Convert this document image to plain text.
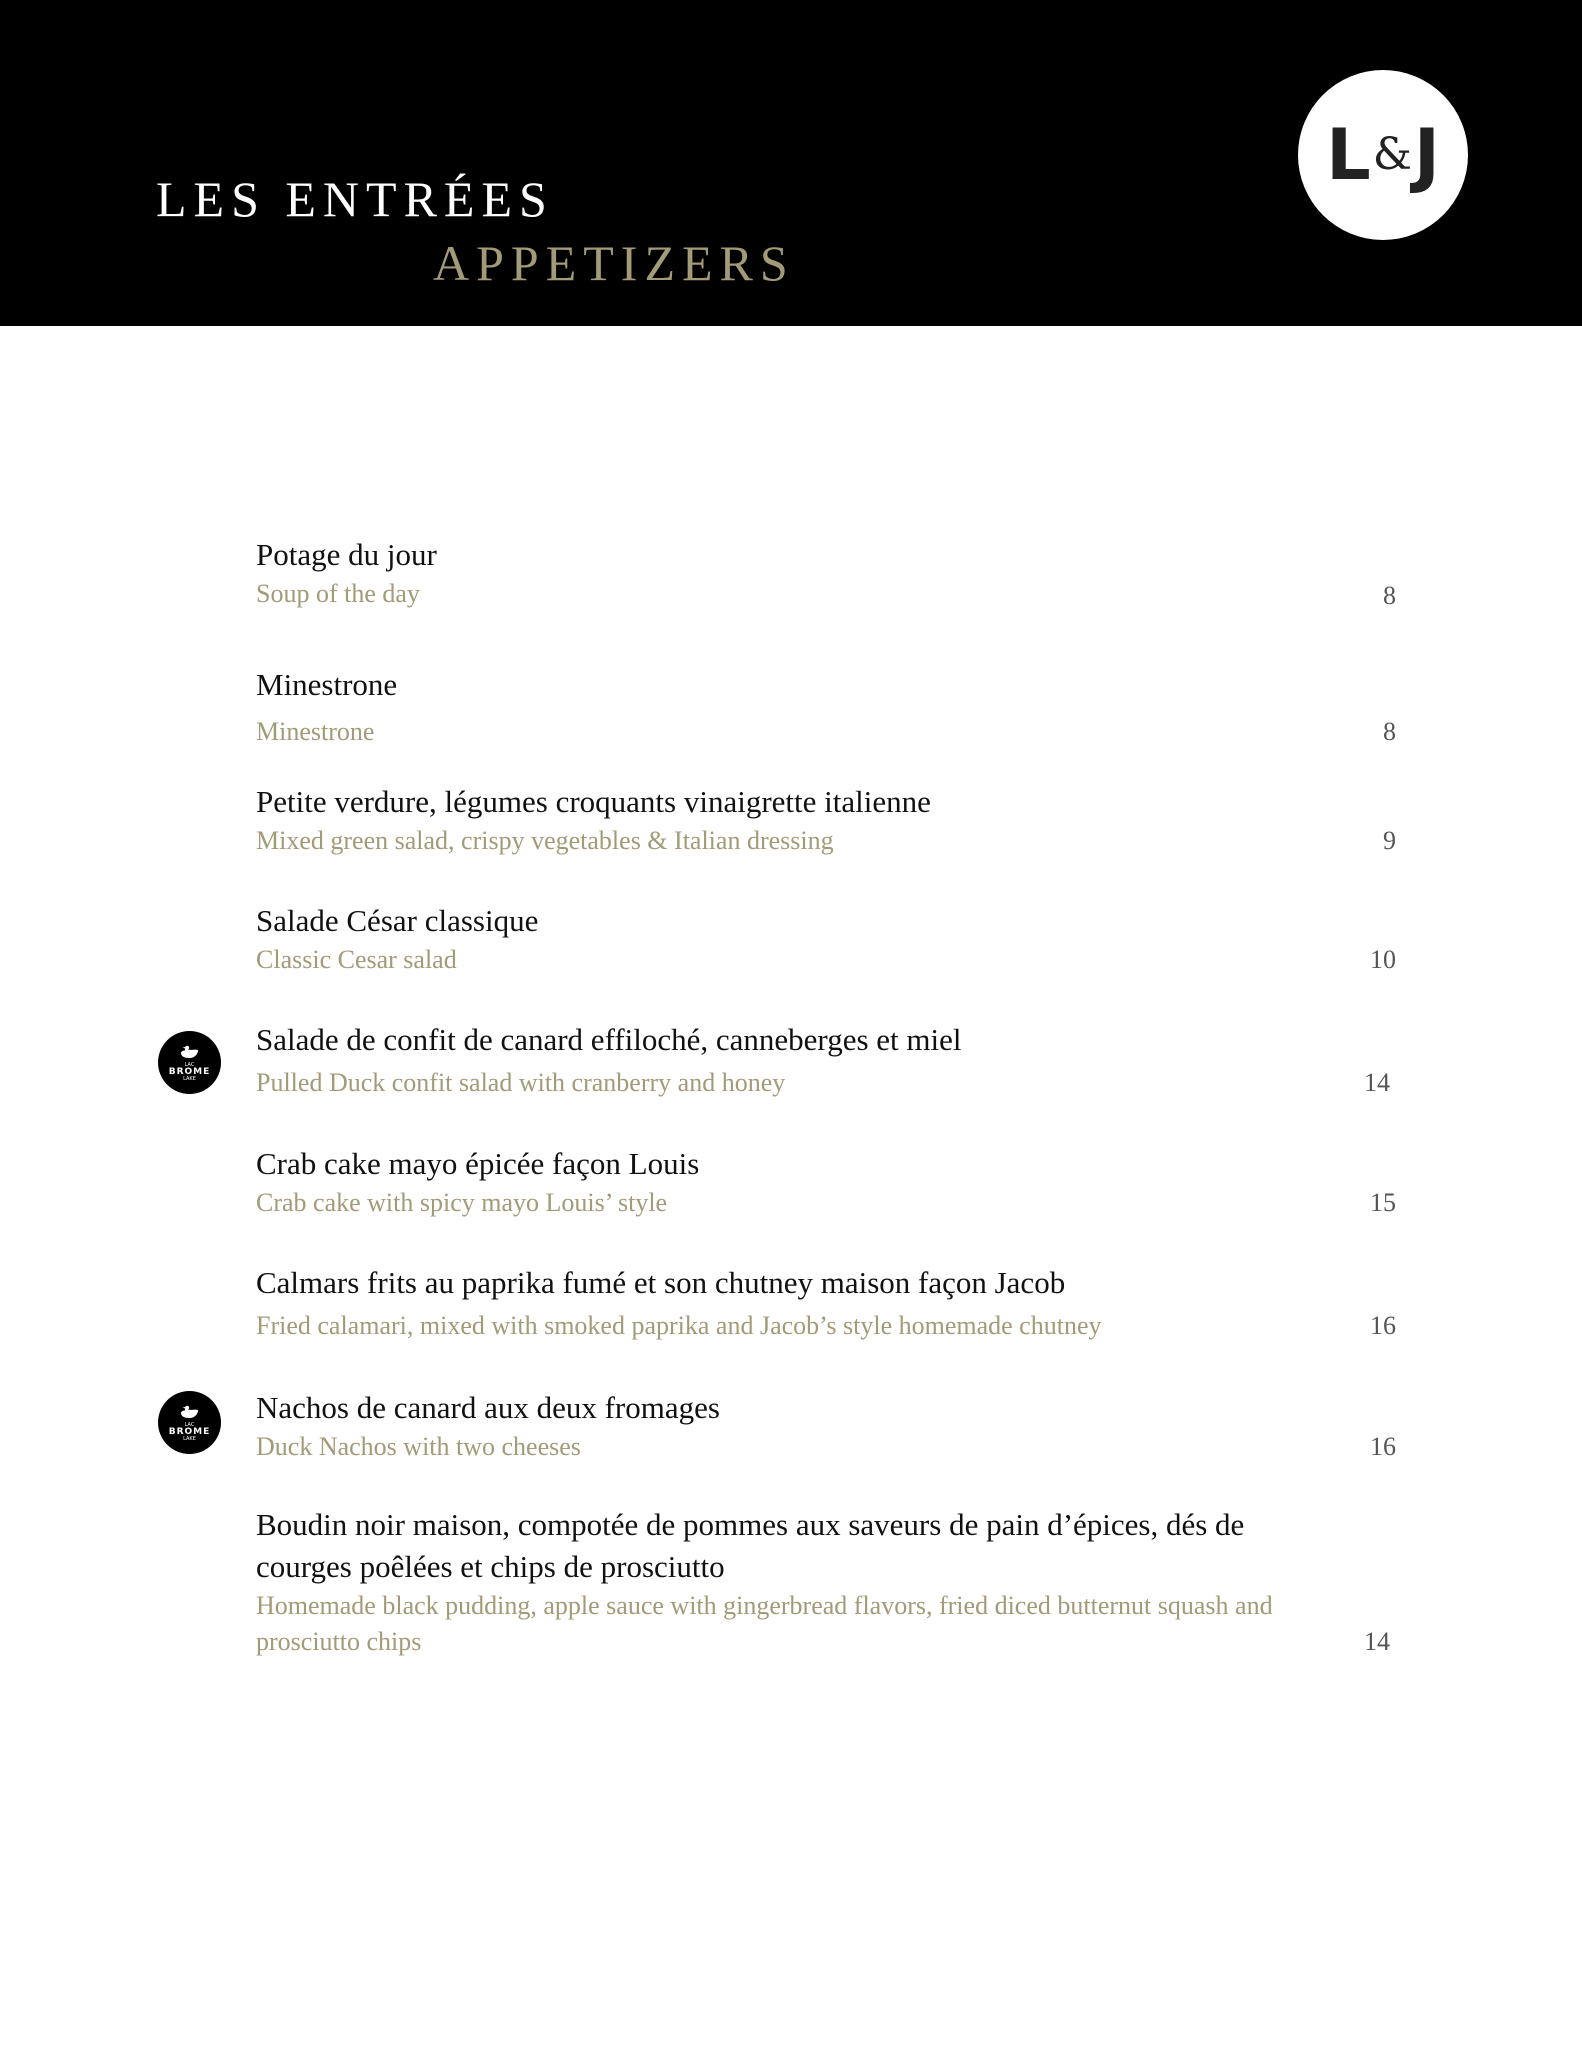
LES ENTRÉES
APPETIZERS
L & J
Potage du jour
Soup of the day	8
Minestrone
Minestrone	8
Petite verdure, légumes croquants vinaigrette italienne
Mixed green salad, crispy vegetables & Italian dressing	9
Salade César classique
Classic Cesar salad	10
LAC
BROME
LAKE
Salade de confit de canard effiloché, canneberges et miel
Pulled Duck confit salad with cranberry and honey	14
Crab cake mayo épicée façon Louis
Crab cake with spicy mayo Louis’ style	15
Calmars frits au paprika fumé et son chutney maison façon Jacob
Fried calamari, mixed with smoked paprika and Jacob’s style homemade chutney	16
LAC
BROME
LAKE
Nachos de canard aux deux fromages
Duck Nachos with two cheeses	16
Boudin noir maison, compotée de pommes aux saveurs de pain d’épices, dés de courges poêlées et chips de prosciutto
Homemade black pudding, apple sauce with gingerbread flavors, fried diced butternut squash and prosciutto chips	14
